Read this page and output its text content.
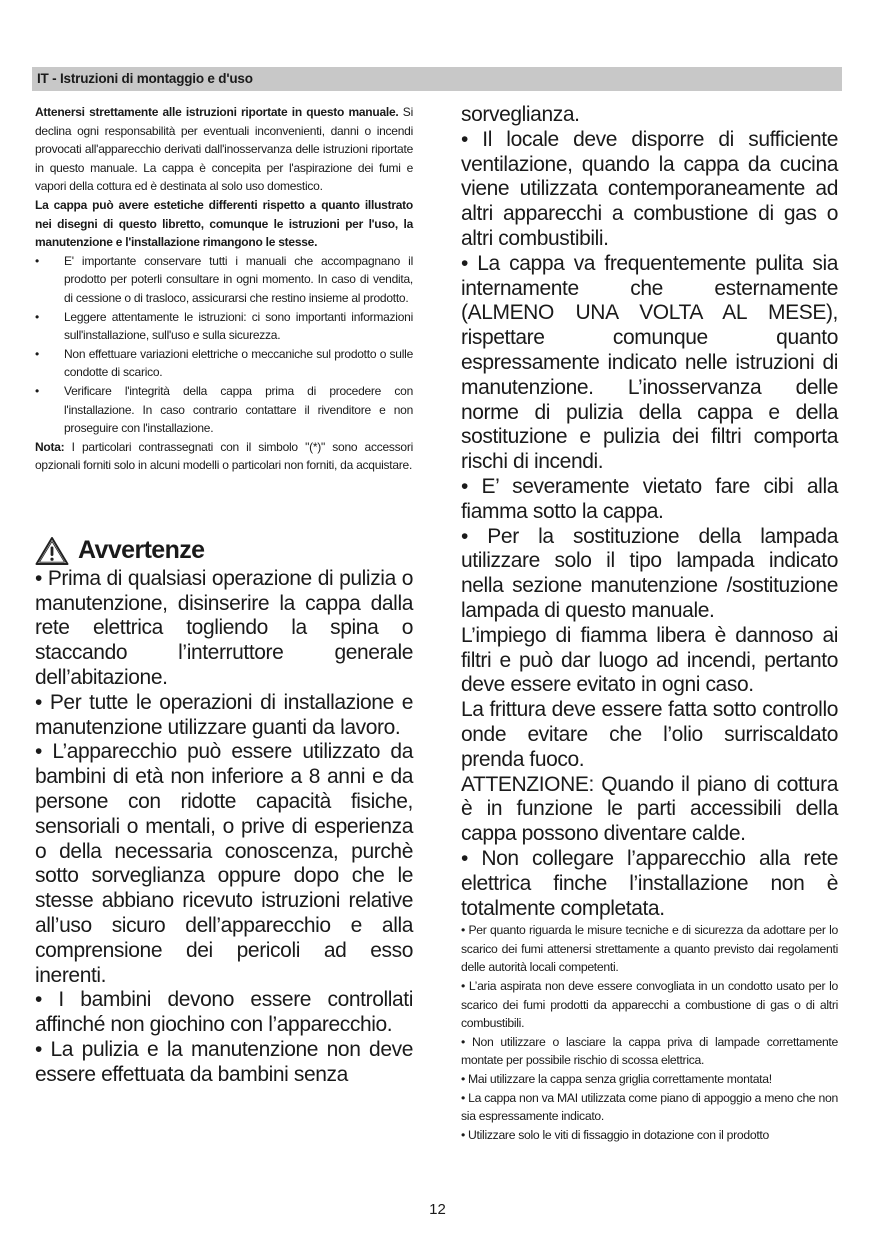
IT - Istruzioni di montaggio e d'uso

Attenersi strettamente alle istruzioni riportate in questo manuale. Si declina ogni responsabilità per eventuali inconvenienti, danni o incendi provocati all'apparecchio derivati dall'inosservanza delle istruzioni riportate in questo manuale. La cappa è concepita per l'aspirazione dei fumi e vapori della cottura ed è destinata al solo uso domestico.

La cappa può avere estetiche differenti rispetto a quanto illustrato nei disegni di questo libretto, comunque le istruzioni per l'uso, la manutenzione e l'installazione rimangono le stesse.

• E' importante conservare tutti i manuali che accompagnano il prodotto per poterli consultare in ogni momento. In caso di vendita, di cessione o di trasloco, assicurarsi che restino insieme al prodotto.
• Leggere attentamente le istruzioni: ci sono importanti informazioni sull'installazione, sull'uso e sulla sicurezza.
• Non effettuare variazioni elettriche o meccaniche sul prodotto o sulle condotte di scarico.
• Verificare l'integrità della cappa prima di procedere con l'installazione. In caso contrario contattare il rivenditore e non proseguire con l'installazione.

Nota: I particolari contrassegnati con il simbolo "(*)" sono accessori opzionali forniti solo in alcuni modelli o particolari non forniti, da acquistare.

Avvertenze

• Prima di qualsiasi operazione di pulizia o manutenzione, disinserire la cappa dalla rete elettrica togliendo la spina o staccando l’interruttore generale dell’abitazione.

• Per tutte le operazioni di installazione e manutenzione utilizzare guanti da lavoro.

• L’apparecchio può essere utilizzato da bambini di età non inferiore a 8 anni e da persone con ridotte capacità fisiche, sensoriali o mentali, o prive di esperienza o della necessaria conoscenza, purchè sotto sorveglianza oppure dopo che le stesse abbiano ricevuto istruzioni relative all’uso sicuro dell’apparecchio e alla comprensione dei pericoli ad esso inerenti.

• I bambini devono essere controllati affinché non giochino con l’apparecchio.

• La pulizia e la manutenzione non deve essere effettuata da bambini senza

sorveglianza.

• Il locale deve disporre di sufficiente ventilazione, quando la cappa da cucina viene utilizzata contemporaneamente ad altri apparecchi a combustione di gas o altri combustibili.

• La cappa va frequentemente pulita sia internamente che esternamente (ALMENO UNA VOLTA AL MESE), rispettare comunque quanto espressamente indicato nelle istruzioni di manutenzione. L’inosservanza delle norme di pulizia della cappa e della sostituzione e pulizia dei filtri comporta rischi di incendi.

• E’ severamente vietato fare cibi alla fiamma sotto la cappa.

• Per la sostituzione della lampada utilizzare solo il tipo lampada indicato nella sezione manutenzione /sostituzione lampada di questo manuale.

L’impiego di fiamma libera è dannoso ai filtri e può dar luogo ad incendi, pertanto deve essere evitato in ogni caso.

La frittura deve essere fatta sotto controllo onde evitare che l’olio surriscaldato prenda fuoco.

ATTENZIONE: Quando il piano di cottura è in funzione le parti accessibili della cappa possono diventare calde.

• Non collegare l’apparecchio alla rete elettrica finche l’installazione non è totalmente completata.

• Per quanto riguarda le misure tecniche e di sicurezza da adottare per lo scarico dei fumi attenersi strettamente a quanto previsto dai regolamenti delle autorità locali competenti.

• L’aria aspirata non deve essere convogliata in un condotto usato per lo scarico dei fumi prodotti da apparecchi a combustione di gas o di altri combustibili.

• Non utilizzare o lasciare la cappa priva di lampade correttamente montate per possibile rischio di scossa elettrica.

• Mai utilizzare la cappa senza griglia correttamente montata!

• La cappa non va MAI utilizzata come piano di appoggio a meno che non sia espressamente indicato.

• Utilizzare solo le viti di fissaggio in dotazione con il prodotto

12
